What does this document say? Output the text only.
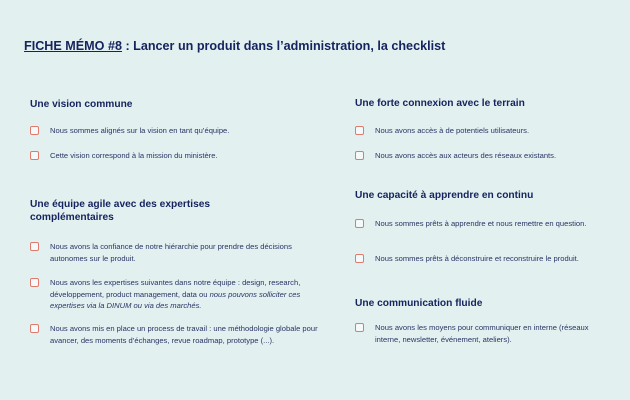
FICHE MÉMO #8 : Lancer un produit dans l’administration, la checklist
Une vision commune
Nous sommes alignés sur la vision en tant qu’équipe.
Cette vision correspond à la mission du ministère.
Une équipe agile avec des expertises complémentaires
Nous avons la confiance de notre hiérarchie pour prendre des décisions autonomes sur le produit.
Nous avons les expertises suivantes dans notre équipe : design, research, développement, product management, data ou nous pouvons solliciter ces expertises via la DINUM ou via des marchés.
Nous avons mis en place un process de travail : une méthodologie globale pour avancer, des moments d’échanges, revue roadmap, prototype (...).
Une forte connexion avec le terrain
Nous avons accès à de potentiels utilisateurs.
Nous avons accès aux acteurs des réseaux existants.
Une capacité à apprendre en continu
Nous sommes prêts à apprendre et nous remettre en question.
Nous sommes prêts à déconstruire et reconstruire le produit.
Une communication fluide
Nous avons les moyens pour communiquer en interne (réseaux interne, newsletter, événement, ateliers).
